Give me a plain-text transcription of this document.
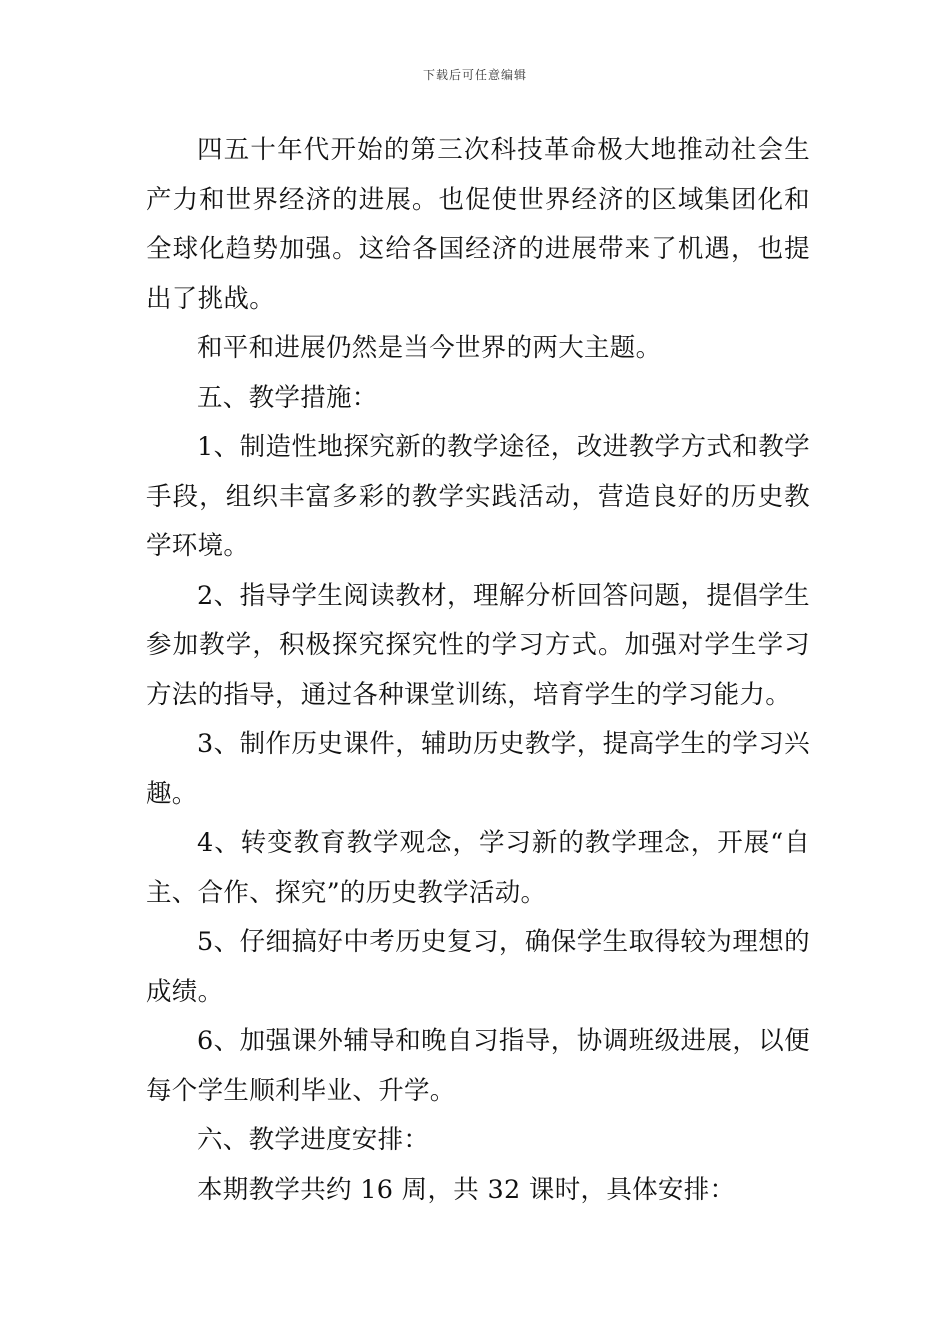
下载后可任意编辑

四五十年代开始的第三次科技革命极大地推动社会生产力和世界经济的进展。也促使世界经济的区域集团化和全球化趋势加强。这给各国经济的进展带来了机遇，也提出了挑战。

和平和进展仍然是当今世界的两大主题。

五、教学措施：

1、制造性地探究新的教学途径，改进教学方式和教学手段，组织丰富多彩的教学实践活动，营造良好的历史教学环境。

2、指导学生阅读教材，理解分析回答问题，提倡学生参加教学，积极探究探究性的学习方式。加强对学生学习方法的指导，通过各种课堂训练，培育学生的学习能力。

3、制作历史课件，辅助历史教学，提高学生的学习兴趣。

4、转变教育教学观念，学习新的教学理念，开展“自主、合作、探究”的历史教学活动。

5、仔细搞好中考历史复习，确保学生取得较为理想的成绩。

6、加强课外辅导和晚自习指导，协调班级进展，以便每个学生顺利毕业、升学。

六、教学进度安排：

本期教学共约 16 周，共 32 课时，具体安排：
